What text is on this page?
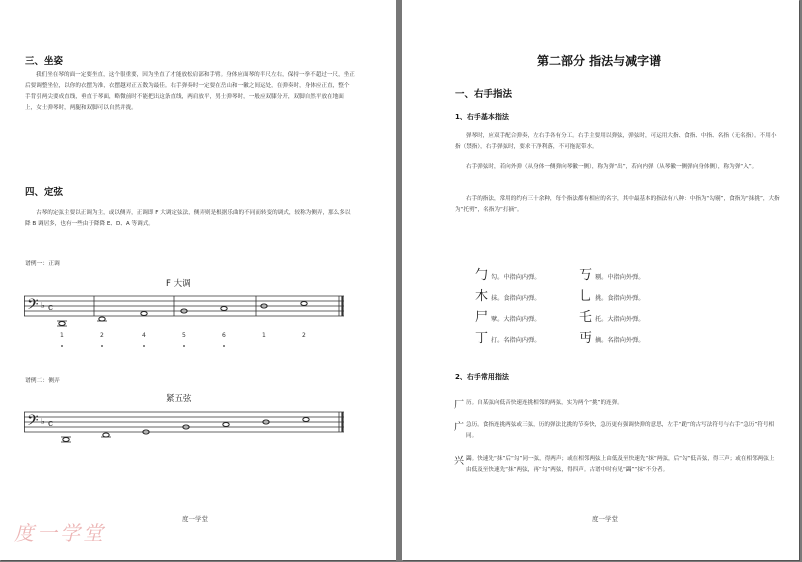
三、坐姿
我们坐在琴的面一定要坐直，这个很重要，因为坐直了才能放松肩部和手臂。身体应面琴的半尺左右，保持一拳不超过一尺，坐正后要调整坐位，以你的衣摆为准，衣摆越对正五数为最佳。右手弹奏时一定要在岳山和一徽之间运处，在弹奏时，身体应正直，整个手背引两尖要成直线，垂直于琴面，略微前时不能把出这条直线，两肩放平，男士弹琴时，一般应双膝分开，双脚自然平放在地面上，女士弹琴时，两腿和双脚可以自然并拢。
四、定弦
古琴的定弦主要以正调为主，或以侧弄，正调即 F 大调定弦法，侧弄则是根据乐曲的不同而转变的调式，较称为侧弄，那么多以降 B 调居多，也有一些由于降降 E、D、A 等调式。
谱例一：正调
F 大调
𝄢 ♭ c
1	2	4	5	6	1	2
谱例二：侧弄
紧五弦
𝄢 ♭ c
度一学堂
第二部分 指法与减字谱
一、右手指法
1、右手基本指法
弹琴时，应双手配合弹奏，左右手各有分工。右手主要用以弹弦，弹弦时，可运用大指、食指、中指、名指（无名指）。不用小指（禁指），右手弹弦时，要求干净利落，不可拖泥带水。
右手弹弦时，若向外弹（从身体一侧弹向琴徽一侧），称为弹“出”，若向内弹（从琴徽一侧弹向身体侧），称为弹“入”。
右手的指法，常用的约有三十余种，每个指法都有相应的名字，其中最基本的指法有八种：中指为“勾剔”，食指为“抹挑”，大指为“托劈”，名指为“打摘”。
勹勾。中指向内弹。	丂剔。中指向外弹。
木抹。食指向内弹。	乚挑。食指向外弹。
尸擘。大指向内弹。	乇托。大指向外弹。
丁打。名指向内弹。	丏摘。名指向外弹。
2、右手常用指法
厂 历。自某弦向低音快速连挑相邻的两弦，实为两个“挑”的连弹。
广 急历。食指连挑两弦或三弦，历的弹法比挑的节奏快，急历更有强调快弹的意思，左手“跪”的古写法符号与右手“急历”符号相同。
兴 蠲。快速先“抹”后“勾”同一弦，得两声；或在相邻两弦上由低及至快速先“抹”两弦，后“勾”低音弦，得三声；或在相邻两弦上由低及至快速先“抹”两弦，再“勾”两弦，得四声。古谱中时有见“蠲”“抹”不分者。
度一学堂
度一学堂
